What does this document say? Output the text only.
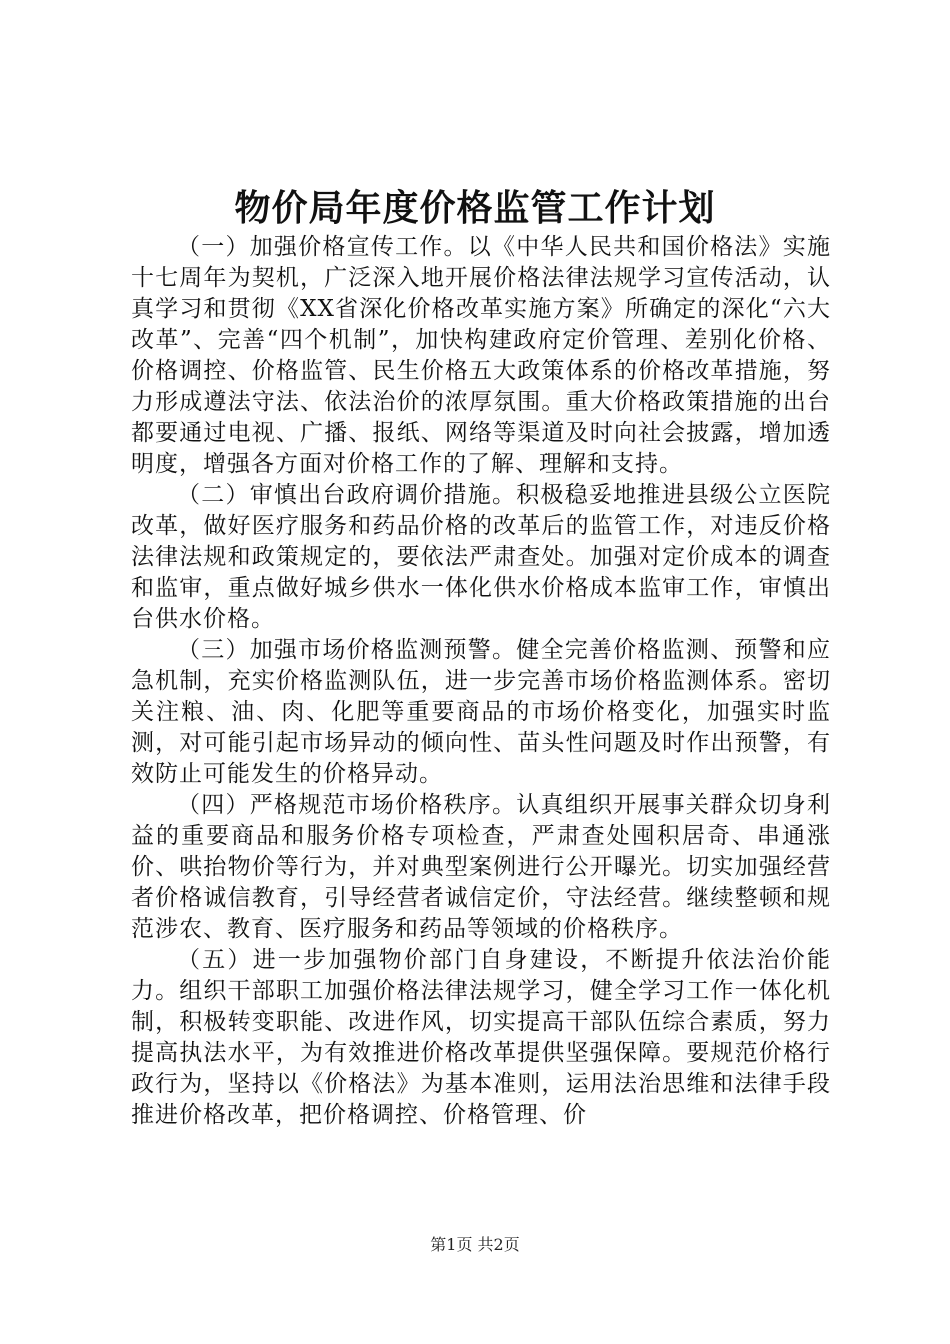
物价局年度价格监管工作计划

（一）加强价格宣传工作。以《中华人民共和国价格法》实施十七周年为契机，广泛深入地开展价格法律法规学习宣传活动，认真学习和贯彻《XX省深化价格改革实施方案》所确定的深化“六大改革”、完善“四个机制”，加快构建政府定价管理、差别化价格、价格调控、价格监管、民生价格五大政策体系的价格改革措施，努力形成遵法守法、依法治价的浓厚氛围。重大价格政策措施的出台都要通过电视、广播、报纸、网络等渠道及时向社会披露，增加透明度，增强各方面对价格工作的了解、理解和支持。

（二）审慎出台政府调价措施。积极稳妥地推进县级公立医院改革，做好医疗服务和药品价格的改革后的监管工作，对违反价格法律法规和政策规定的，要依法严肃查处。加强对定价成本的调查和监审，重点做好城乡供水一体化供水价格成本监审工作，审慎出台供水价格。

（三）加强市场价格监测预警。健全完善价格监测、预警和应急机制，充实价格监测队伍，进一步完善市场价格监测体系。密切关注粮、油、肉、化肥等重要商品的市场价格变化，加强实时监测，对可能引起市场异动的倾向性、苗头性问题及时作出预警，有效防止可能发生的价格异动。

（四）严格规范市场价格秩序。认真组织开展事关群众切身利益的重要商品和服务价格专项检查，严肃查处囤积居奇、串通涨价、哄抬物价等行为，并对典型案例进行公开曝光。切实加强经营者价格诚信教育，引导经营者诚信定价，守法经营。继续整顿和规范涉农、教育、医疗服务和药品等领域的价格秩序。

（五）进一步加强物价部门自身建设，不断提升依法治价能力。组织干部职工加强价格法律法规学习，健全学习工作一体化机制，积极转变职能、改进作风，切实提高干部队伍综合素质，努力提高执法水平，为有效推进价格改革提供坚强保障。要规范价格行政行为，坚持以《价格法》为基本准则，运用法治思维和法律手段推进价格改革，把价格调控、价格管理、价

第1页 共2页
